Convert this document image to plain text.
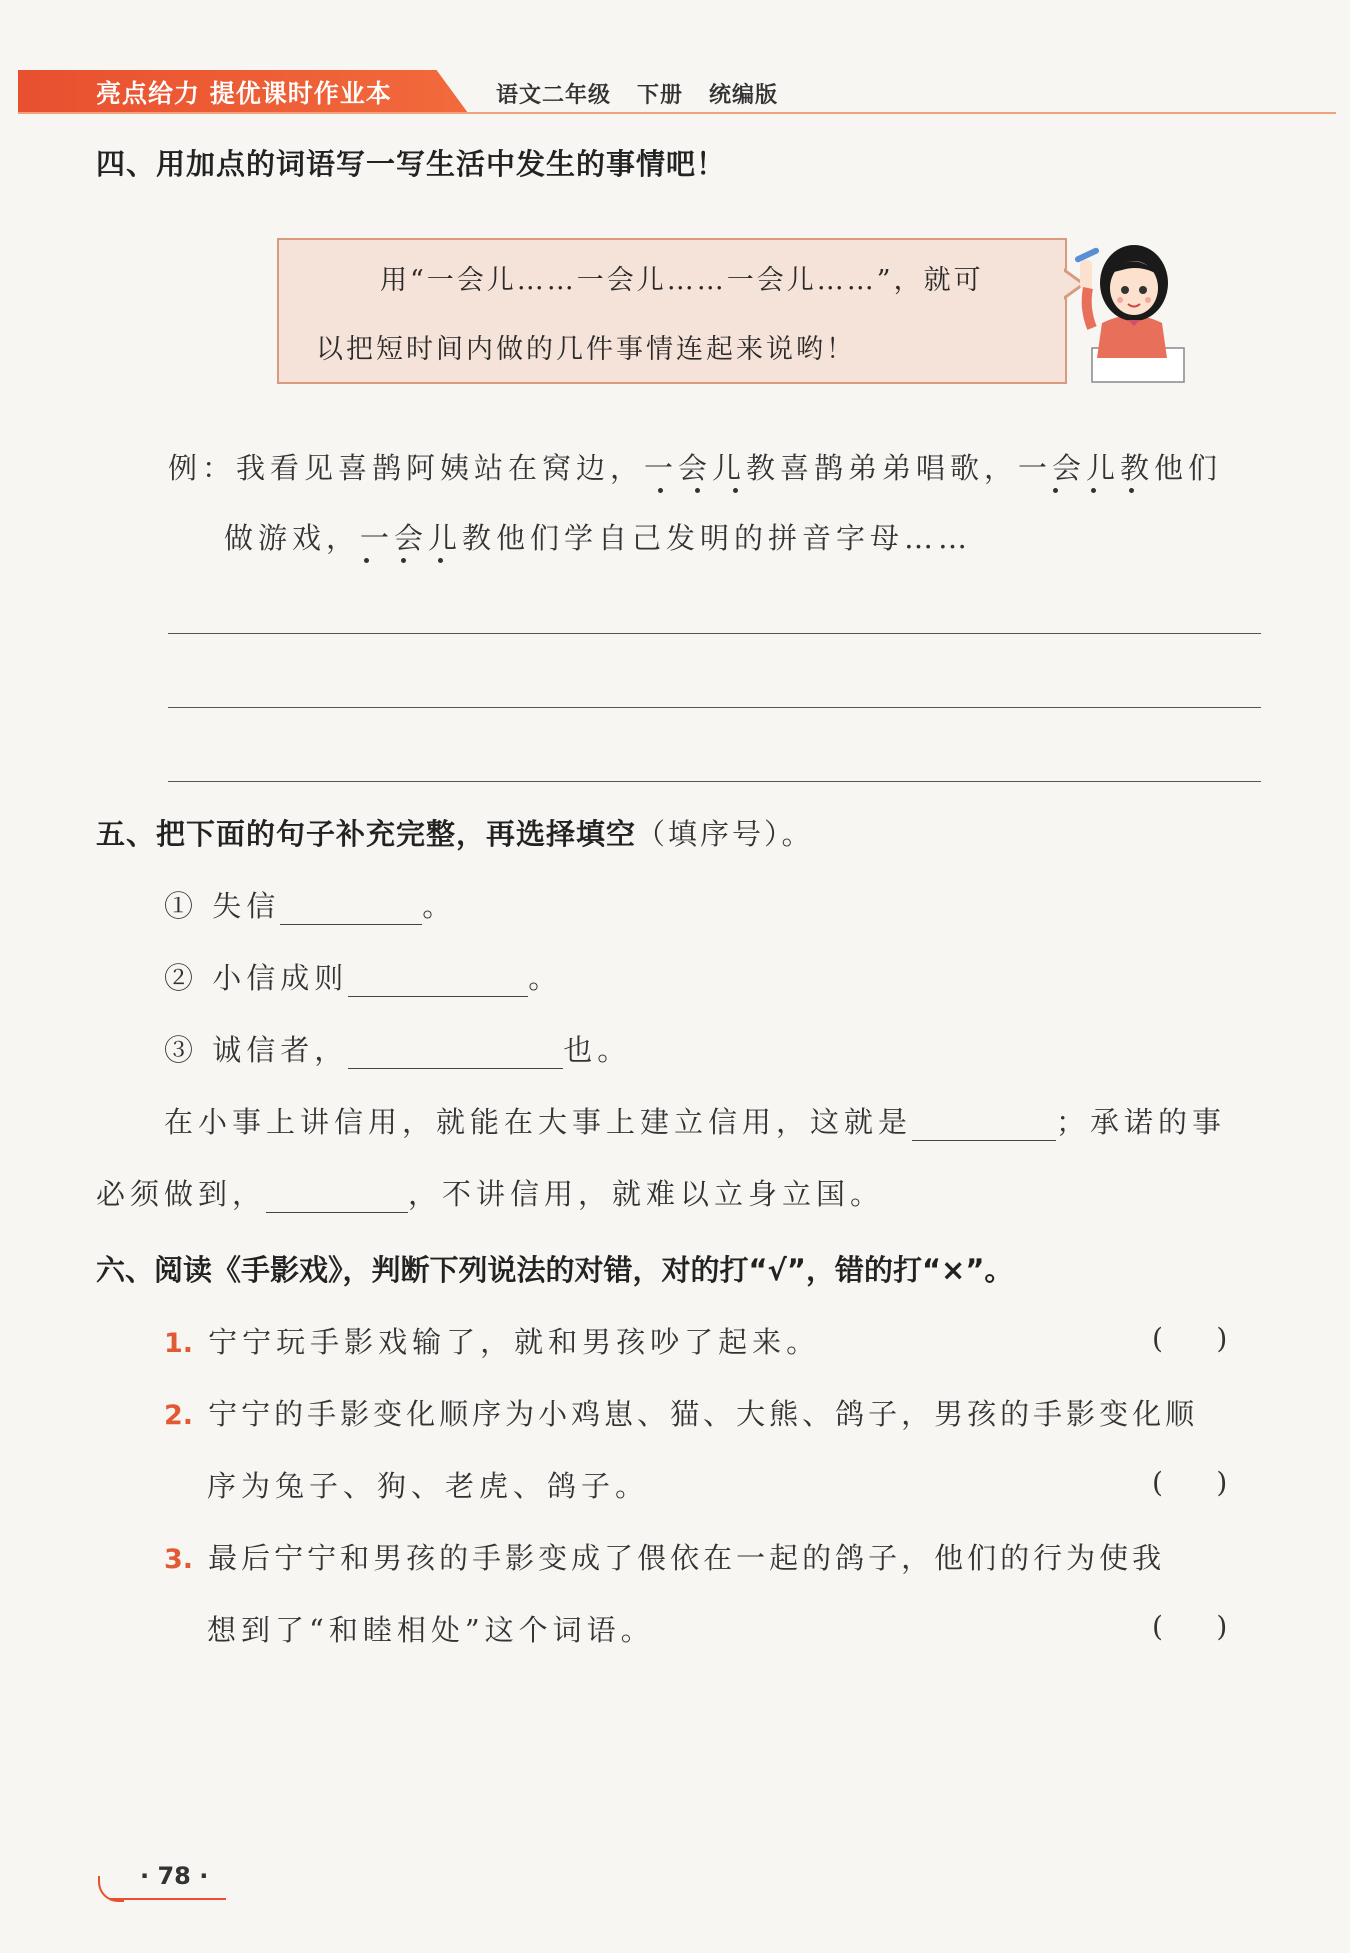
亮点给力 提优课时作业本	语文二年级   下册   统编版
四、用加点的词语写一写生活中发生的事情吧！
用“一会儿……一会儿……一会儿……”，就可
以把短时间内做的几件事情连起来说哟！
例：我看见喜鹊阿姨站在窝边，一会儿教喜鹊弟弟唱歌，一会儿教他们
做游戏，一会儿教他们学自己发明的拼音字母……
五、把下面的句子补充完整，再选择填空（填序号）。
① 失信	。
② 小信成则	。
③ 诚信者，	也。
在小事上讲信用，就能在大事上建立信用，这就是	；承诺的事
必须做到，	，不讲信用，就难以立身立国。
六、阅读《手影戏》，判断下列说法的对错，对的打“√”，错的打“×”。
1. 宁宁玩手影戏输了，就和男孩吵了起来。	(      )
2. 宁宁的手影变化顺序为小鸡崽、猫、大熊、鸽子，男孩的手影变化顺
序为兔子、狗、老虎、鸽子。	(      )
3. 最后宁宁和男孩的手影变成了偎依在一起的鸽子，他们的行为使我
想到了“和睦相处”这个词语。	(      )
· 78 ·
